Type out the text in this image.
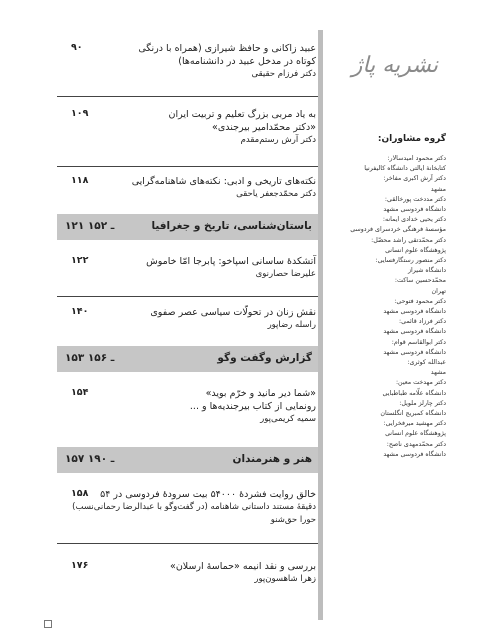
عبید زاکانی و حافظ شیرازی (همراه با درنگی
کوتاه در مدخل عبید در دانشنامه‌ها)
دکتر فرزام حقیقی
۹۰
به یاد مربی بزرگ تعلیم و تربیت ایران
«دکتر محمّدامیر بیرجندی»
دکتر آرش رستم‌مقدم
۱۰۹
نکته‌های تاریخی و ادبی: نکته‌های شاهنامه‌گرایی
دکتر محمّدجعفر یاحقی
۱۱۸
باستان‌شناسی، تاریخ و جغرافیا
۱۲۱ ـ ۱۵۲
آتشکدهٔ ساسانی اسپاخو: پابرجا امّا خاموش
علیرضا حصارنوی
۱۲۲
نقش زنان در تحولّات سیاسی عصر صفوی
راسله رضاپور
۱۴۰
گزارش وگفت وگو
۱۵۳ ـ ۱۵۶
«شما دیر مانید و خرّم بوید»
رونمایی از کتاب بیرجندیه‌ها و ...
سمیه کریمی‌پور
۱۵۴
هنر و هنرمندان
۱۵۷ ـ ۱۹۰
خالق روایت فشردهٔ ۵۴۰۰۰ بیت سرودهٔ فردوسی در ۵۴
دقیقهٔ مستند داستانی شاهنامه (در گفت‌وگو با عبدالرضا رحمانی‌نسب)
حورا حق‌شنو
۱۵۸
بررسی و نقد انیمه «حماسهٔ ارسلان»
زهرا شاهسون‌پور
۱۷۶
نشریه پاژ
گروه مشاوران:
دکتر محمود امیدسالار:
کتابخانهٔ ایالتی دانشگاه کالیفرنیا
دکتر آرش اکبری مفاخر:
مشهد
دکتر مددخت پورخالقی:
دانشگاه فردوسی مشهد
دکتر یحیی خدادی ایمانه:
مؤسسهٔ فرهنگی خردسرای فردوسی
دکتر محمّدتقی راشد محصّل:
پژوهشگاه علوم انسانی
دکتر منصور رستگارفسایی:
دانشگاه شیراز
محمّدحسین ساکت:
تهران
دکتر محمود فتوحی:
دانشگاه فردوسی مشهد
دکتر فرزاد قائمی:
دانشگاه فردوسی مشهد
دکتر ابوالقاسم قوام:
دانشگاه فردوسی مشهد
عبدالله کوثری:
مشهد
دکتر مهدخت معین:
دانشگاه علّامه طباطبایی
دکتر چارلز ملویل:
دانشگاه کمبریج انگلستان
دکتر مهشید میرفخرایی:
پژوهشگاه علوم انسانی
دکتر محمّدمهدی ناصح:
دانشگاه فردوسی مشهد
